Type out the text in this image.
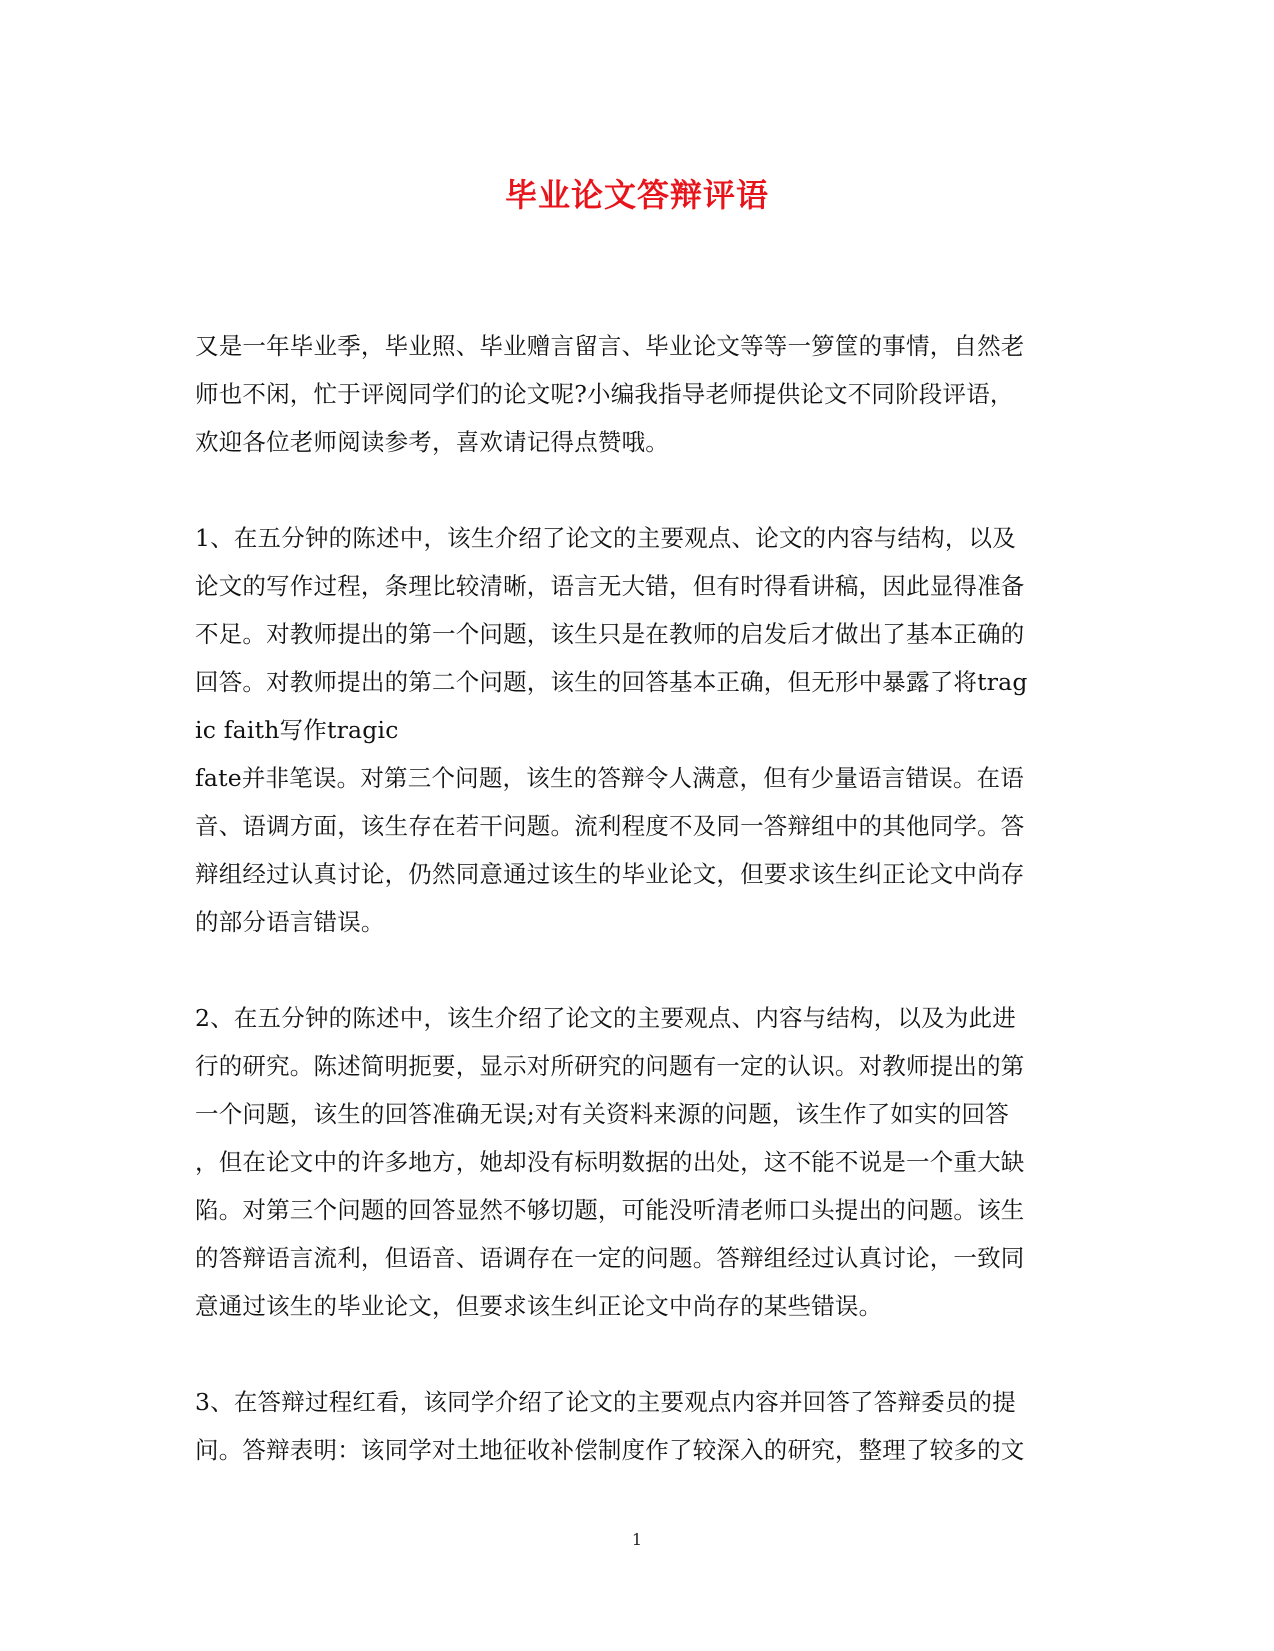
毕业论文答辩评语
又是一年毕业季，毕业照、毕业赠言留言、毕业论文等等一箩筐的事情，自然老
师也不闲，忙于评阅同学们的论文呢?小编我指导老师提供论文不同阶段评语，
欢迎各位老师阅读参考，喜欢请记得点赞哦。
1、在五分钟的陈述中，该生介绍了论文的主要观点、论文的内容与结构，以及
论文的写作过程，条理比较清晰，语言无大错，但有时得看讲稿，因此显得准备
不足。对教师提出的第一个问题，该生只是在教师的启发后才做出了基本正确的
回答。对教师提出的第二个问题，该生的回答基本正确，但无形中暴露了将trag
ic faith写作tragic
fate并非笔误。对第三个问题，该生的答辩令人满意，但有少量语言错误。在语
音、语调方面，该生存在若干问题。流利程度不及同一答辩组中的其他同学。答
辩组经过认真讨论，仍然同意通过该生的毕业论文，但要求该生纠正论文中尚存
的部分语言错误。
2、在五分钟的陈述中，该生介绍了论文的主要观点、内容与结构，以及为此进
行的研究。陈述简明扼要，显示对所研究的问题有一定的认识。对教师提出的第
一个问题，该生的回答准确无误;对有关资料来源的问题，该生作了如实的回答
，但在论文中的许多地方，她却没有标明数据的出处，这不能不说是一个重大缺
陷。对第三个问题的回答显然不够切题，可能没听清老师口头提出的问题。该生
的答辩语言流利，但语音、语调存在一定的问题。答辩组经过认真讨论，一致同
意通过该生的毕业论文，但要求该生纠正论文中尚存的某些错误。
3、在答辩过程红看，该同学介绍了论文的主要观点内容并回答了答辩委员的提
问。答辩表明：该同学对土地征收补偿制度作了较深入的研究，整理了较多的文
1
